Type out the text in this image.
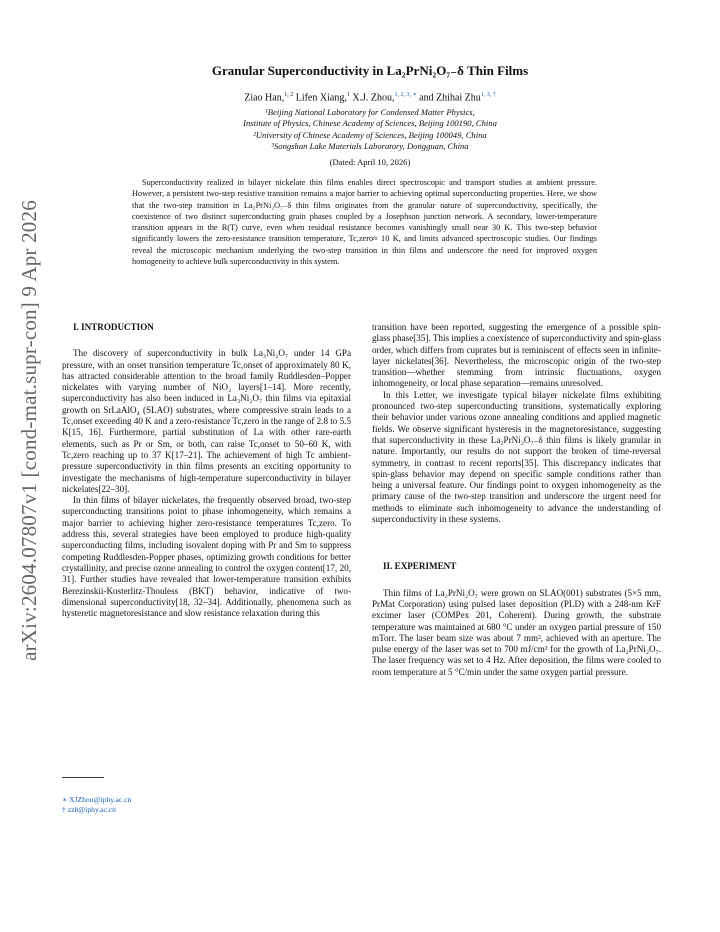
arXiv:2604.07807v1 [cond-mat.supr-con] 9 Apr 2026
Granular Superconductivity in La₂PrNi₂O₇₋δ Thin Films
Ziao Han,$^{1, 2}$ Lifen Xiang,$^1$ X.J. Zhou,$^{1, 2, 3, ∗}$ and Zhihai Zhu$^{1, 3, \dagger}$
¹Beijing National Laboratory for Condensed Matter Physics,
Institute of Physics, Chinese Academy of Sciences, Beijing 100190, China
²University of Chinese Academy of Sciences, Beijing 100049, China
³Songshan Lake Materials Laboratory, Dongguan, China
(Dated: April 10, 2026)
Superconductivity realized in bilayer nickelate thin films enables direct spectroscopic and transport studies at ambient pressure. However, a persistent two-step resistive transition remains a major barrier to achieving optimal superconducting properties. Here, we show that the two-step transition in La₂PrNi₂O₇₋δ thin films originates from the granular nature of superconductivity, specifically, the coexistence of two distinct superconducting grain phases coupled by a Josephson junction network. A secondary, lower-temperature transition appears in the R(T) curve, even when residual resistance becomes vanishingly small near 30 K. This two-step behavior significantly lowers the zero-resistance transition temperature, Tc,zero≈ 10 K, and limits advanced spectroscopic studies. Our findings reveal the microscopic mechanism underlying the two-step transition in thin films and underscore the need for improved oxygen homogeneity to achieve bulk superconductivity in this system.

I. INTRODUCTION

The discovery of superconductivity in bulk La₃Ni₂O₇ under 14 GPa pressure, with an onset transition temperature Tc,onset of approximately 80 K, has attracted considerable attention to the broad family Ruddlesden–Popper nickelates with varying number of NiO₂ layers[1–14]. More recently, superconductivity has also been induced in La₃Ni₂O₇ thin films via epitaxial growth on SrLaAlO₄ (SLAO) substrates, where compressive strain leads to a Tc,onset exceeding 40 K and a zero-resistance Tc,zero in the range of 2.8 to 5.5 K[15, 16]. Furthermore, partial substitution of La with other rare-earth elements, such as Pr or Sm, or both, can raise Tc,onset to 50–60 K, with Tc,zero reaching up to 37 K[17–21]. The achievement of high Tc ambient-pressure superconductivity in thin films presents an exciting opportunity to investigate the mechanisms of high-temperature superconductivity in bilayer nickelates[22–30].

In thin films of bilayer nickelates, the frequently observed broad, two-step superconducting transitions point to phase inhomogeneity, which remains a major barrier to achieving higher zero-resistance temperatures Tc,zero. To address this, several strategies have been employed to produce high-quality superconducting films, including isovalent doping with Pr and Sm to suppress competing Ruddlesden-Popper phases, optimizing growth conditions for better crystallinity, and precise ozone annealing to control the oxygen content[17, 20, 31]. Further studies have revealed that lower-temperature transition exhibits Berezinskii-Kosterlitz-Thouless (BKT) behavior, indicative of two-dimensional superconductivity[18, 32–34]. Additionally, phenomena such as hysteretic magnetoresistance and slow resistance relaxation during this

transition have been reported, suggesting the emergence of a possible spin-glass phase[35]. This implies a coexistence of superconductivity and spin-glass order, which differs from cuprates but is reminiscent of effects seen in infinite-layer nickelates[36]. Nevertheless, the microscopic origin of the two-step transition—whether stemming from intrinsic fluctuations, oxygen inhomogeneity, or local phase separation—remains unresolved.

In this Letter, we investigate typical bilayer nickelate films exhibiting pronounced two-step superconducting transitions, systematically exploring their behavior under various ozone annealing conditions and applied magnetic fields. We observe significant hysteresis in the magnetoresistance, suggesting that superconductivity in these La₂PrNi₂O₇₋δ thin films is likely granular in nature. Importantly, our results do not support the broken of time-reversal symmetry, in contrast to recent reports[35]. This discrepancy indicates that spin-glass behavior may depend on specific sample conditions rather than being a universal feature. Our findings point to oxygen inhomogeneity as the primary cause of the two-step transition and underscore the urgent need for methods to eliminate such inhomogeneity to advance the understanding of superconductivity in these systems.

II. EXPERIMENT

Thin films of La₂PrNi₂O₇ were grown on SLAO(001) substrates (5×5 mm, PrMat Corporation) using pulsed laser deposition (PLD) with a 248-nm KrF excimer laser (COMPex 201, Coherent). During growth, the substrate temperature was maintained at 680 °C under an oxygen partial pressure of 150 mTorr. The laser beam size was about 7 mm², achieved with an aperture. The pulse energy of the laser was set to 700 mJ/cm² for the growth of La₂PrNi₂O₇. The laser frequency was set to 4 Hz. After deposition, the films were cooled to room temperature at 5 °C/min under the same oxygen partial pressure.

∗ XJZhou@iphy.ac.cn
† zzh@iphy.ac.cn
